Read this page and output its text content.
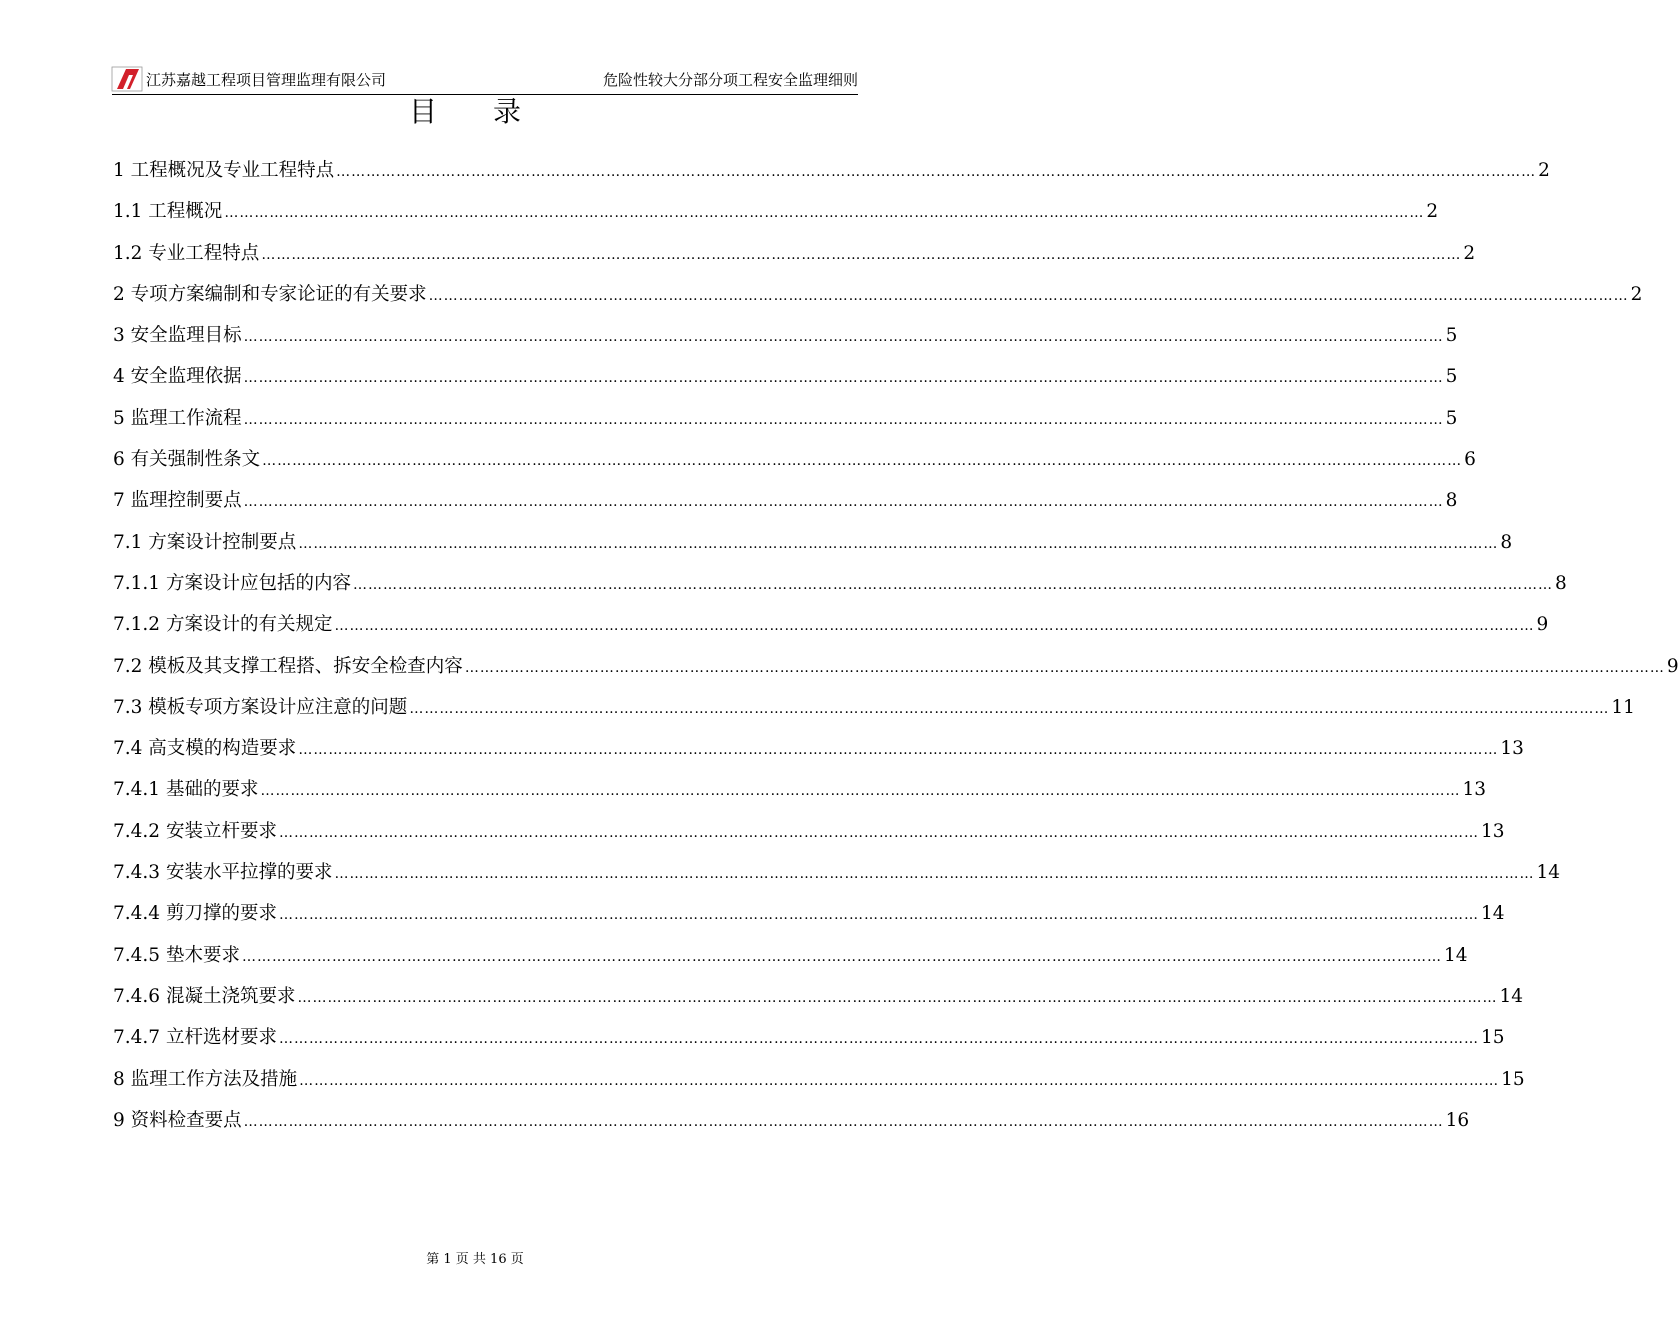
江苏嘉越工程项目管理监理有限公司	危险性较大分部分项工程安全监理细则
目录
1 工程概况及专业工程特点 …………………………………………………………………………………………………………………………………………………………………………………………………………………… 2
1.1 工程概况 …………………………………………………………………………………………………………………………………………………………………………………………………………………… 2
1.2 专业工程特点 …………………………………………………………………………………………………………………………………………………………………………………………………………………… 2
2 专项方案编制和专家论证的有关要求 …………………………………………………………………………………………………………………………………………………………………………………………………………………… 2
3 安全监理目标 …………………………………………………………………………………………………………………………………………………………………………………………………………………… 5
4 安全监理依据 …………………………………………………………………………………………………………………………………………………………………………………………………………………… 5
5 监理工作流程 …………………………………………………………………………………………………………………………………………………………………………………………………………………… 5
6 有关强制性条文 …………………………………………………………………………………………………………………………………………………………………………………………………………………… 6
7 监理控制要点 …………………………………………………………………………………………………………………………………………………………………………………………………………………… 8
7.1 方案设计控制要点 …………………………………………………………………………………………………………………………………………………………………………………………………………………… 8
7.1.1 方案设计应包括的内容 …………………………………………………………………………………………………………………………………………………………………………………………………………………… 8
7.1.2 方案设计的有关规定 …………………………………………………………………………………………………………………………………………………………………………………………………………………… 9
7.2 模板及其支撑工程搭、拆安全检查内容 …………………………………………………………………………………………………………………………………………………………………………………………………………………… 9
7.3 模板专项方案设计应注意的问题 …………………………………………………………………………………………………………………………………………………………………………………………………………………… 11
7.4 高支模的构造要求 …………………………………………………………………………………………………………………………………………………………………………………………………………………… 13
7.4.1 基础的要求 …………………………………………………………………………………………………………………………………………………………………………………………………………………… 13
7.4.2 安装立杆要求 …………………………………………………………………………………………………………………………………………………………………………………………………………………… 13
7.4.3 安装水平拉撑的要求 …………………………………………………………………………………………………………………………………………………………………………………………………………………… 14
7.4.4 剪刀撑的要求 …………………………………………………………………………………………………………………………………………………………………………………………………………………… 14
7.4.5 垫木要求 …………………………………………………………………………………………………………………………………………………………………………………………………………………… 14
7.4.6 混凝土浇筑要求 …………………………………………………………………………………………………………………………………………………………………………………………………………………… 14
7.4.7 立杆选材要求 …………………………………………………………………………………………………………………………………………………………………………………………………………………… 15
8 监理工作方法及措施 …………………………………………………………………………………………………………………………………………………………………………………………………………………… 15
9 资料检查要点 …………………………………………………………………………………………………………………………………………………………………………………………………………………… 16
第 1 页 共 16 页
